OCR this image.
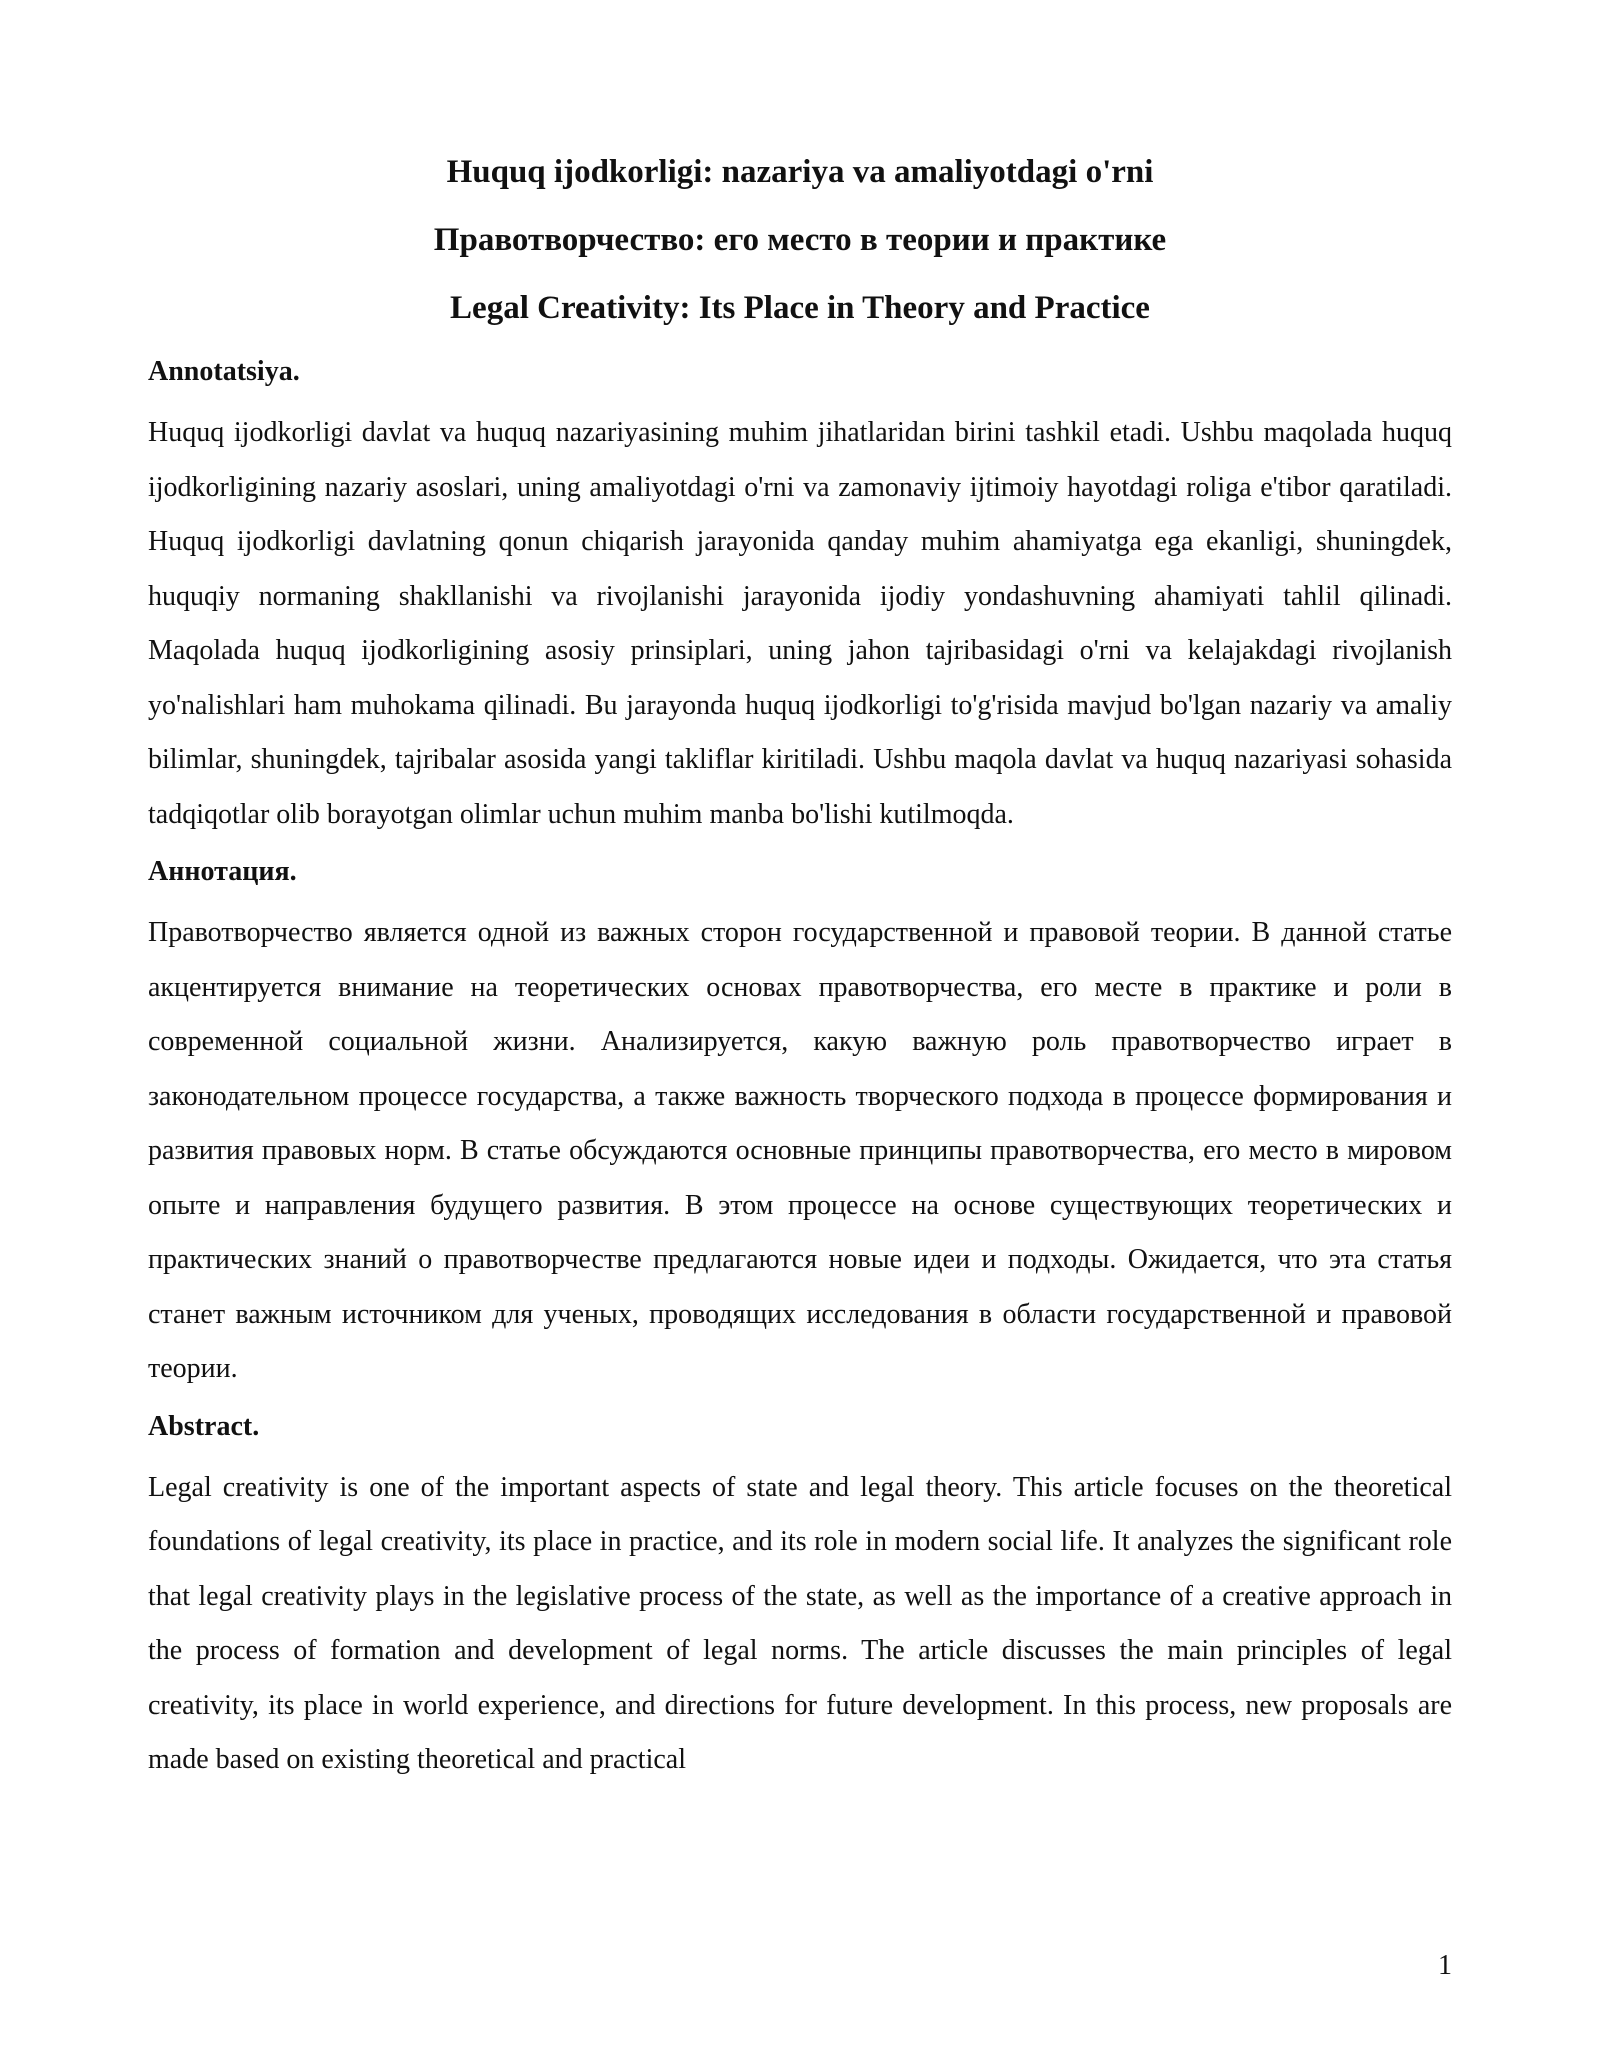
Huquq ijodkorligi: nazariya va amaliyotdagi o'rni
Правотворчество: его место в теории и практике
Legal Creativity: Its Place in Theory and Practice
Annotatsiya.

Huquq ijodkorligi davlat va huquq nazariyasining muhim jihatlaridan birini tashkil etadi. Ushbu maqolada huquq ijodkorligining nazariy asoslari, uning amaliyotdagi o'rni va zamonaviy ijtimoiy hayotdagi roliga e'tibor qaratiladi. Huquq ijodkorligi davlatning qonun chiqarish jarayonida qanday muhim ahamiyatga ega ekanligi, shuningdek, huquqiy normaning shakllanishi va rivojlanishi jarayonida ijodiy yondashuvning ahamiyati tahlil qilinadi. Maqolada huquq ijodkorligining asosiy prinsiplari, uning jahon tajribasidagi o'rni va kelajakdagi rivojlanish yo'nalishlari ham muhokama qilinadi. Bu jarayonda huquq ijodkorligi to'g'risida mavjud bo'lgan nazariy va amaliy bilimlar, shuningdek, tajribalar asosida yangi takliflar kiritiladi. Ushbu maqola davlat va huquq nazariyasi sohasida tadqiqotlar olib borayotgan olimlar uchun muhim manba bo'lishi kutilmoqda.

Аннотация.

Правотворчество является одной из важных сторон государственной и правовой теории. В данной статье акцентируется внимание на теоретических основах правотворчества, его месте в практике и роли в современной социальной жизни. Анализируется, какую важную роль правотворчество играет в законодательном процессе государства, а также важность творческого подхода в процессе формирования и развития правовых норм. В статье обсуждаются основные принципы правотворчества, его место в мировом опыте и направления будущего развития. В этом процессе на основе существующих теоретических и практических знаний о правотворчестве предлагаются новые идеи и подходы. Ожидается, что эта статья станет важным источником для ученых, проводящих исследования в области государственной и правовой теории.

Abstract.

Legal creativity is one of the important aspects of state and legal theory. This article focuses on the theoretical foundations of legal creativity, its place in practice, and its role in modern social life. It analyzes the significant role that legal creativity plays in the legislative process of the state, as well as the importance of a creative approach in the process of formation and development of legal norms. The article discusses the main principles of legal creativity, its place in world experience, and directions for future development. In this process, new proposals are made based on existing theoretical and practical

1
